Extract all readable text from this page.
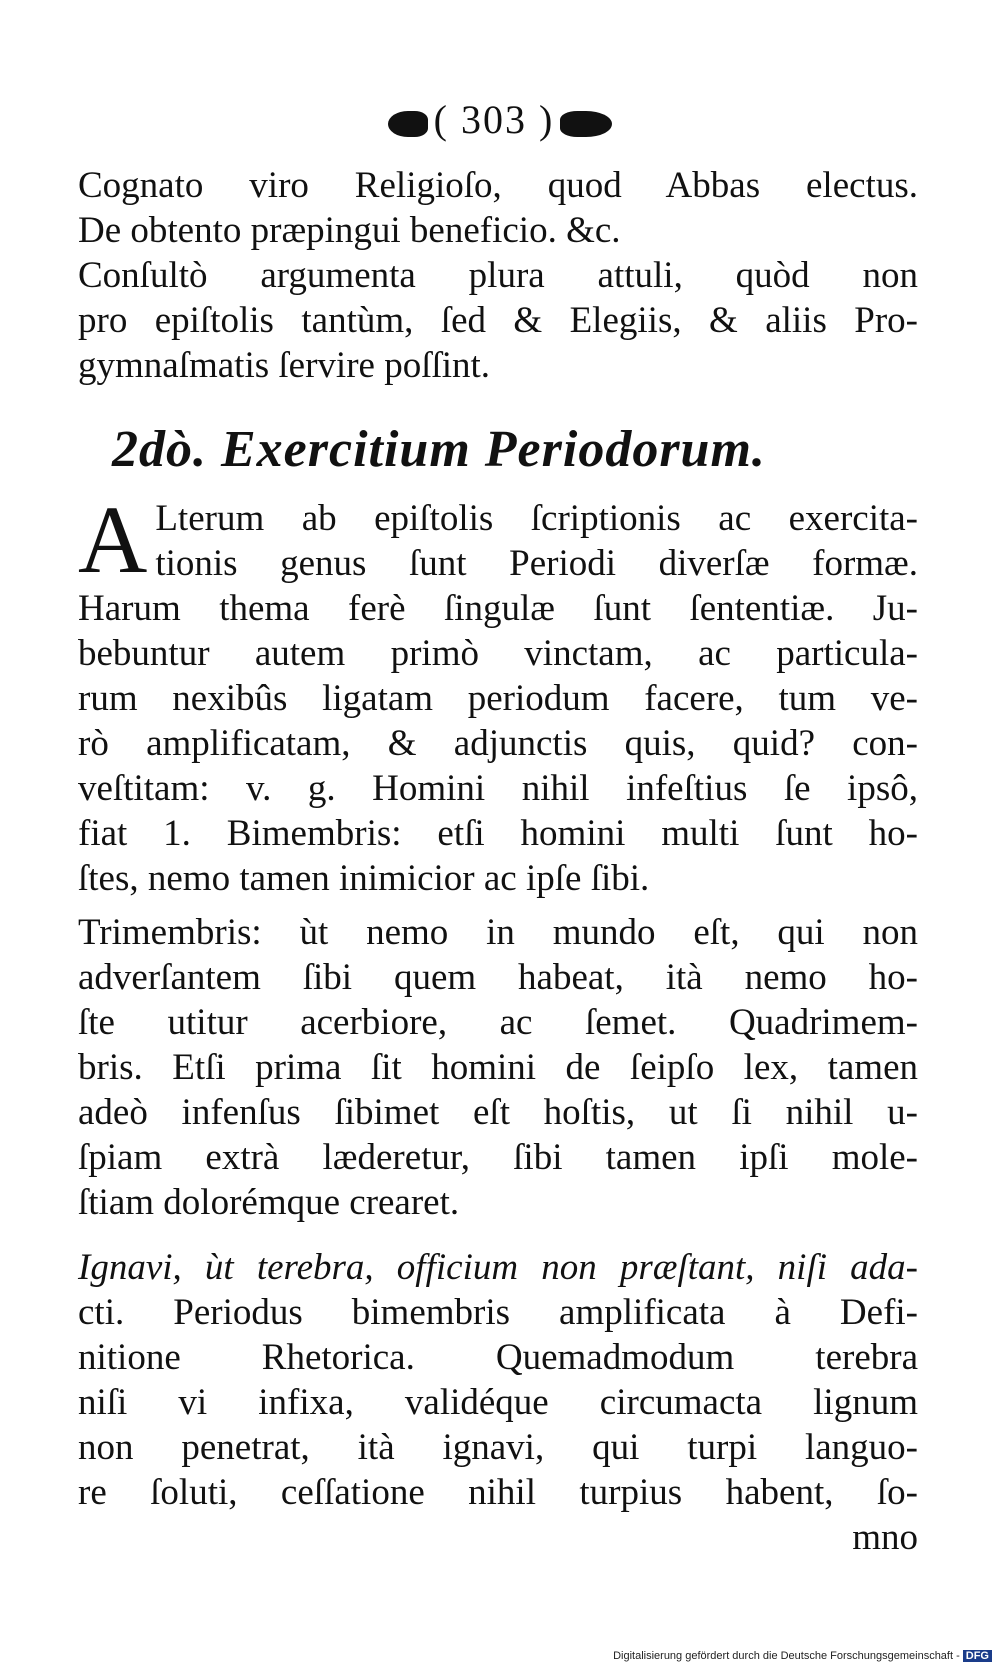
( 303 )
Cognato viro Religioſo, quod Abbas electus.
De obtento præpingui beneficio. &c.
Conſultò argumenta plura attuli, quòd non
pro epiſtolis tantùm, ſed & Elegiis, & aliis Pro-
gymnaſmatis ſervire poſſint.
2dò. Exercitium Periodorum.
A Lterum ab epiſtolis ſcriptionis ac exercita-
tionis genus ſunt Periodi diverſæ formæ.
Harum thema ferè ſingulæ ſunt ſententiæ. Ju-
bebuntur autem primò vinctam, ac particula-
rum nexibûs ligatam periodum facere, tum ve-
rò amplificatam, & adjunctis quis, quid? con-
veſtitam: v. g. Homini nihil infeſtius ſe ipsô,
fiat 1. Bimembris: etſi homini multi ſunt ho-
ſtes, nemo tamen inimicior ac ipſe ſibi.
Trimembris: ùt nemo in mundo eſt, qui non
adverſantem ſibi quem habeat, ità nemo ho-
ſte utitur acerbiore, ac ſemet. Quadrimem-
bris. Etſi prima ſit homini de ſeipſo lex, tamen
adeò infenſus ſibimet eſt hoſtis, ut ſi nihil u-
ſpiam extrà læderetur, ſibi tamen ipſi mole-
ſtiam dolorémque crearet.
Ignavi, ùt terebra, officium non præſtant, niſi ada-
cti. Periodus bimembris amplificata à Defi-
nitione Rhetorica. Quemadmodum terebra
niſi vi infixa, validéque circumacta lignum
non penetrat, ità ignavi, qui turpi languo-
re ſoluti, ceſſatione nihil turpius habent, ſo-
mno
Digitalisierung gefördert durch die Deutsche Forschungsgemeinschaft - DFG
